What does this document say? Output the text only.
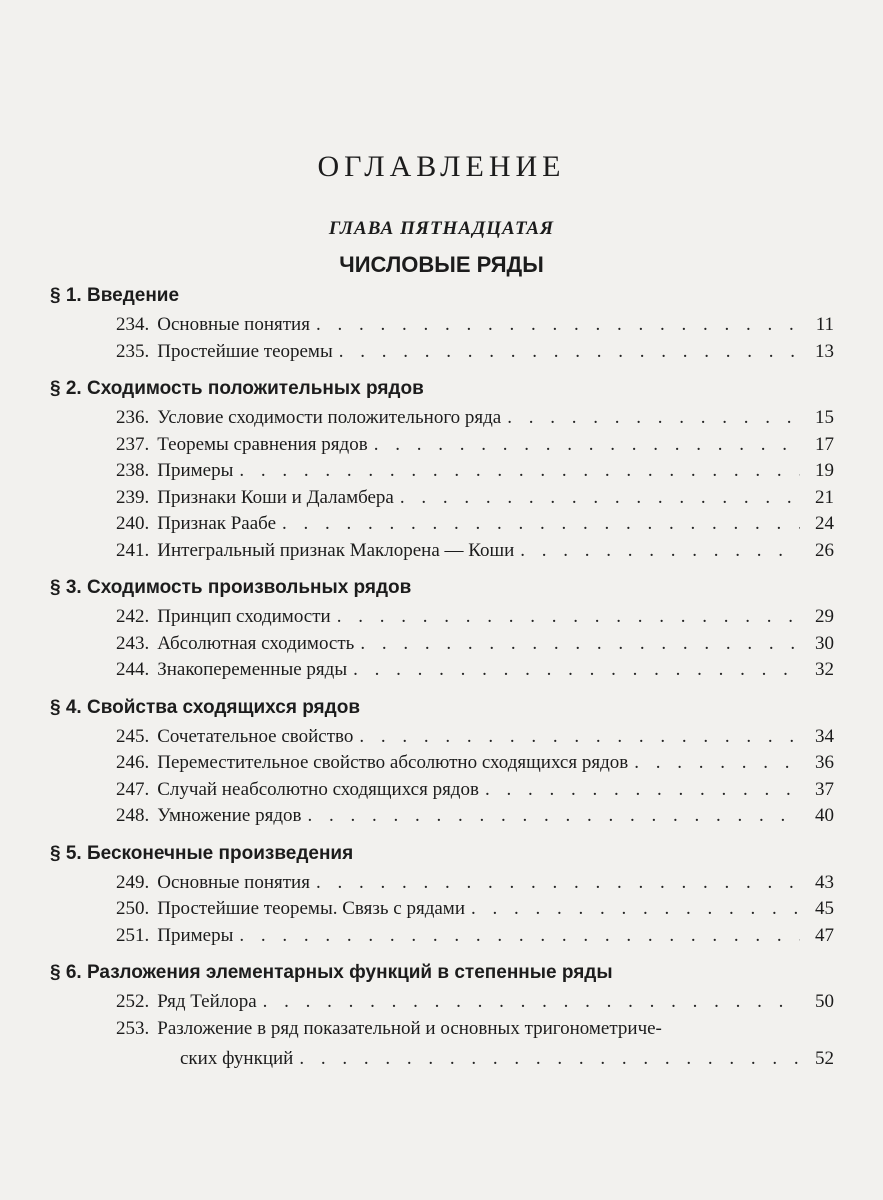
ОГЛАВЛЕНИЕ
ГЛАВА ПЯТНАДЦАТАЯ
ЧИСЛОВЫЕ РЯДЫ
§ 1. Введение
234. Основные понятия . . .	11
235. Простейшие теоремы . . .	13
§ 2. Сходимость положительных рядов
236. Условие сходимости положительного ряда . . .	15
237. Теоремы сравнения рядов . . .	17
238. Примеры . . .	19
239. Признаки Коши и Даламбера . . .	21
240. Признак Раабе . . .	24
241. Интегральный признак Маклорена — Коши . . .	26
§ 3. Сходимость произвольных рядов
242. Принцип сходимости . . .	29
243. Абсолютная сходимость . . .	30
244. Знакопеременные ряды . . .	32
§ 4. Свойства сходящихся рядов
245. Сочетательное свойство . . .	34
246. Переместительное свойство абсолютно сходящихся рядов . . .	36
247. Случай неабсолютно сходящихся рядов . . .	37
248. Умножение рядов . . .	40
§ 5. Бесконечные произведения
249. Основные понятия . . .	43
250. Простейшие теоремы. Связь с рядами . . .	45
251. Примеры . . .	47
§ 6. Разложения элементарных функций в степенные ряды
252. Ряд Тейлора . . .	50
253. Разложение в ряд показательной и основных тригонометриче-
ских функций . . .	52
